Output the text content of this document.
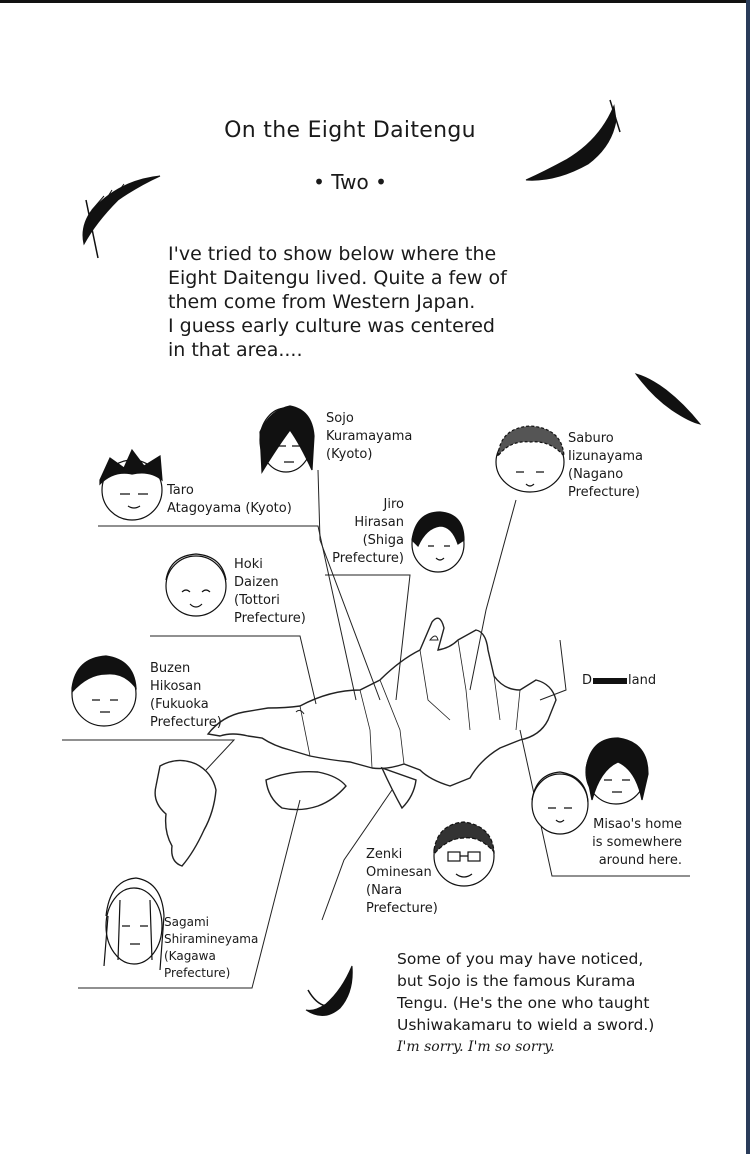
On the Eight Daitengu
• Two •
I've tried to show below where the
Eight Daitengu lived. Quite a few of
them come from Western Japan.
I guess early culture was centered
in that area....
Sojo
Kuramayama
(Kyoto)
Taro
Atagoyama (Kyoto)	Jiro
Hirasan
(Shiga
Prefecture)
Saburo
Iizunayama
(Nagano
Prefecture)
Hoki
Daizen
(Tottori
Prefecture)
Buzen
Hikosan
(Fukuoka
Prefecture)
D	land
Misao's home
is somewhere
around here.
Zenki
Ominesan
(Nara
Prefecture)
Sagami
Shiramineyama
(Kagawa
Prefecture)
Some of you may have noticed,
but Sojo is the famous Kurama
Tengu. (He's the one who taught
Ushiwakamaru to wield a sword.)
I'm sorry. I'm so sorry.
